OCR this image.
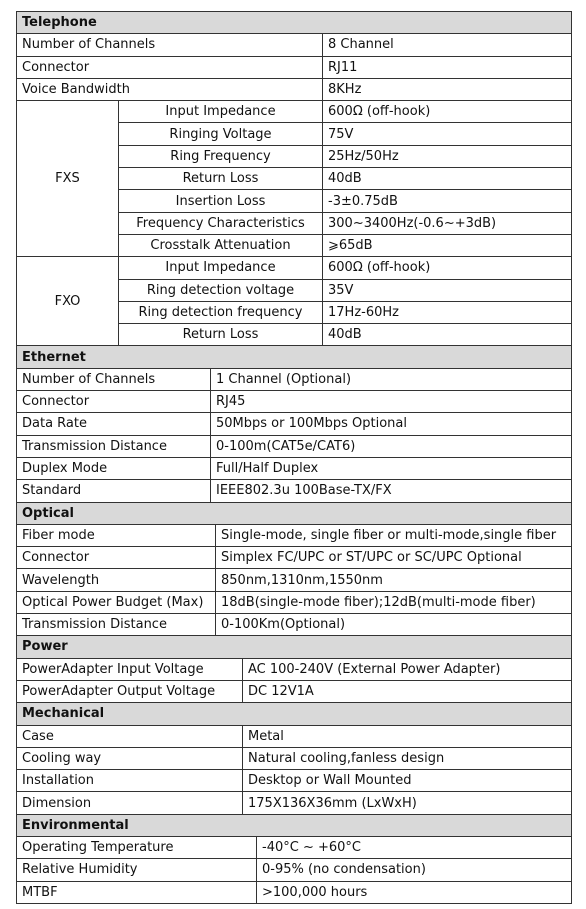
Telephone						
Number of Channels						8 Channel
Connector						RJ11
Voice Bandwidth						8KHz
FXS	Input Impedance					600Ω (off-hook)
	Ringing Voltage					75V
	Ring Frequency					25Hz/50Hz
	Return Loss					40dB
	Insertion Loss					-3±0.75dB
	Frequency Characteristics					300~3400Hz(-0.6~+3dB)
	Crosstalk Attenuation					⩾65dB
FXO	Input Impedance					600Ω (off-hook)
	Ring detection voltage					35V
	Ring detection frequency					17Hz-60Hz
	Return Loss					40dB
Ethernet						
Number of Channels		1 Channel (Optional)				
Connector		RJ45				
Data Rate		50Mbps or 100Mbps Optional				
Transmission Distance		0-100m(CAT5e/CAT6)				
Duplex Mode		Full/Half Duplex				
Standard		IEEE802.3u 100Base-TX/FX				
Optical						
Fiber mode			Single-mode, single fiber or multi-mode,single fiber			
Connector			Simplex FC/UPC or ST/UPC or SC/UPC Optional			
Wavelength			850nm,1310nm,1550nm			
Optical Power Budget (Max)			18dB(single-mode fiber);12dB(multi-mode fiber)			
Transmission Distance			0-100Km(Optional)			
Power						
PowerAdapter Input Voltage				AC 100-240V (External Power Adapter)		
PowerAdapter Output Voltage				DC 12V1A		
Mechanical						
Case				Metal		
Cooling way				Natural cooling,fanless design		
Installation				Desktop or Wall Mounted		
Dimension				175X136X36mm (LxWxH)		
Environmental						
Operating Temperature					-40°C ~ +60°C	
Relative Humidity					0-95% (no condensation)	
MTBF					>100,000 hours	
